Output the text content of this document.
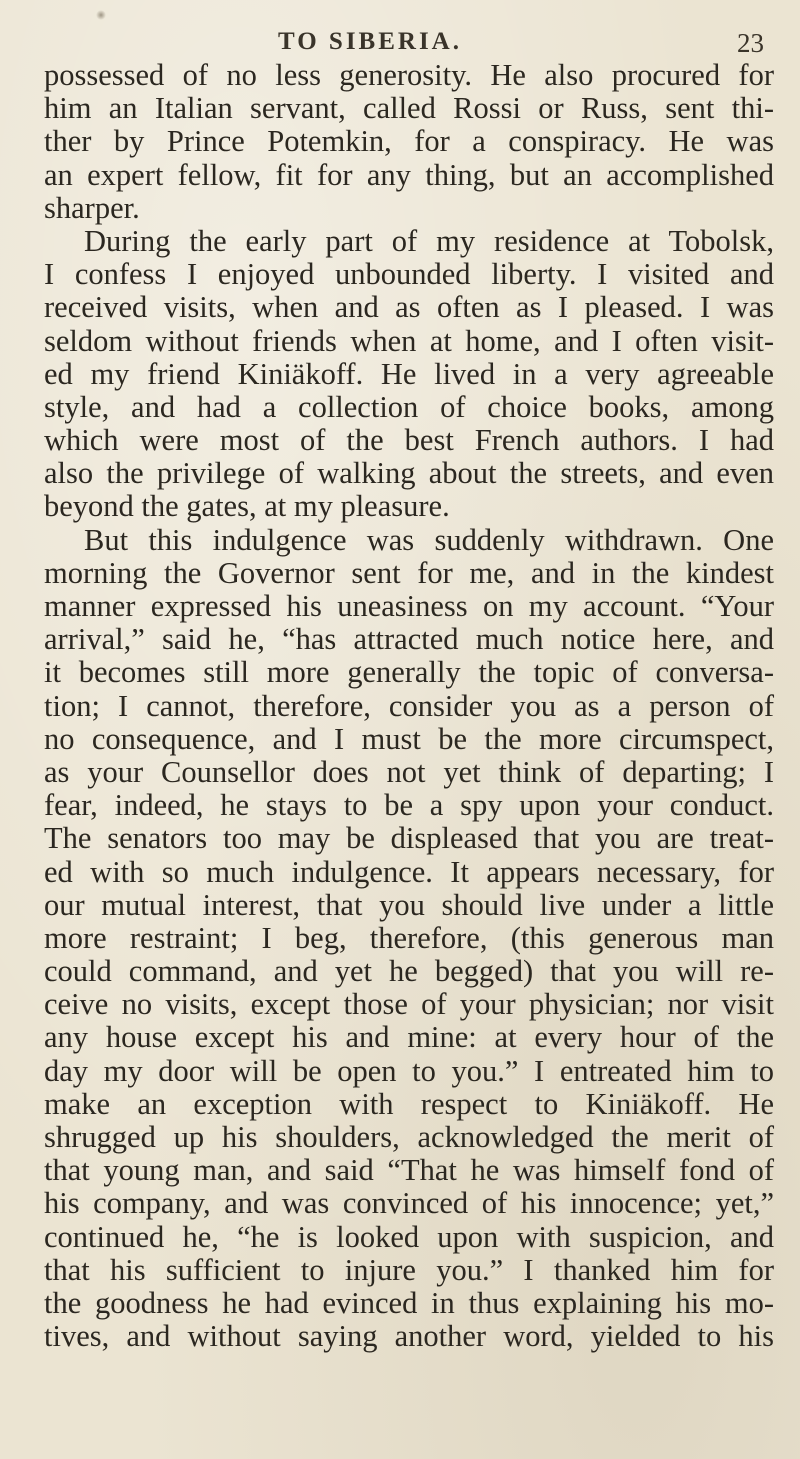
TO SIBERIA.	23
possessed of no less generosity. He also procured for
him an Italian servant, called Rossi or Russ, sent thi-
ther by Prince Potemkin, for a conspiracy. He was
an expert fellow, fit for any thing, but an accomplished
sharper.
During the early part of my residence at Tobolsk,
I confess I enjoyed unbounded liberty. I visited and
received visits, when and as often as I pleased. I was
seldom without friends when at home, and I often visit-
ed my friend Kiniäkoff. He lived in a very agreeable
style, and had a collection of choice books, among
which were most of the best French authors. I had
also the privilege of walking about the streets, and even
beyond the gates, at my pleasure.
But this indulgence was suddenly withdrawn. One
morning the Governor sent for me, and in the kindest
manner expressed his uneasiness on my account. “Your
arrival,” said he, “has attracted much notice here, and
it becomes still more generally the topic of conversa-
tion; I cannot, therefore, consider you as a person of
no consequence, and I must be the more circumspect,
as your Counsellor does not yet think of departing; I
fear, indeed, he stays to be a spy upon your conduct.
The senators too may be displeased that you are treat-
ed with so much indulgence. It appears necessary, for
our mutual interest, that you should live under a little
more restraint; I beg, therefore, (this generous man
could command, and yet he begged) that you will re-
ceive no visits, except those of your physician; nor visit
any house except his and mine: at every hour of the
day my door will be open to you.” I entreated him to
make an exception with respect to Kiniäkoff. He
shrugged up his shoulders, acknowledged the merit of
that young man, and said “That he was himself fond of
his company, and was convinced of his innocence; yet,”
continued he, “he is looked upon with suspicion, and
that his sufficient to injure you.” I thanked him for
the goodness he had evinced in thus explaining his mo-
tives, and without saying another word, yielded to his
